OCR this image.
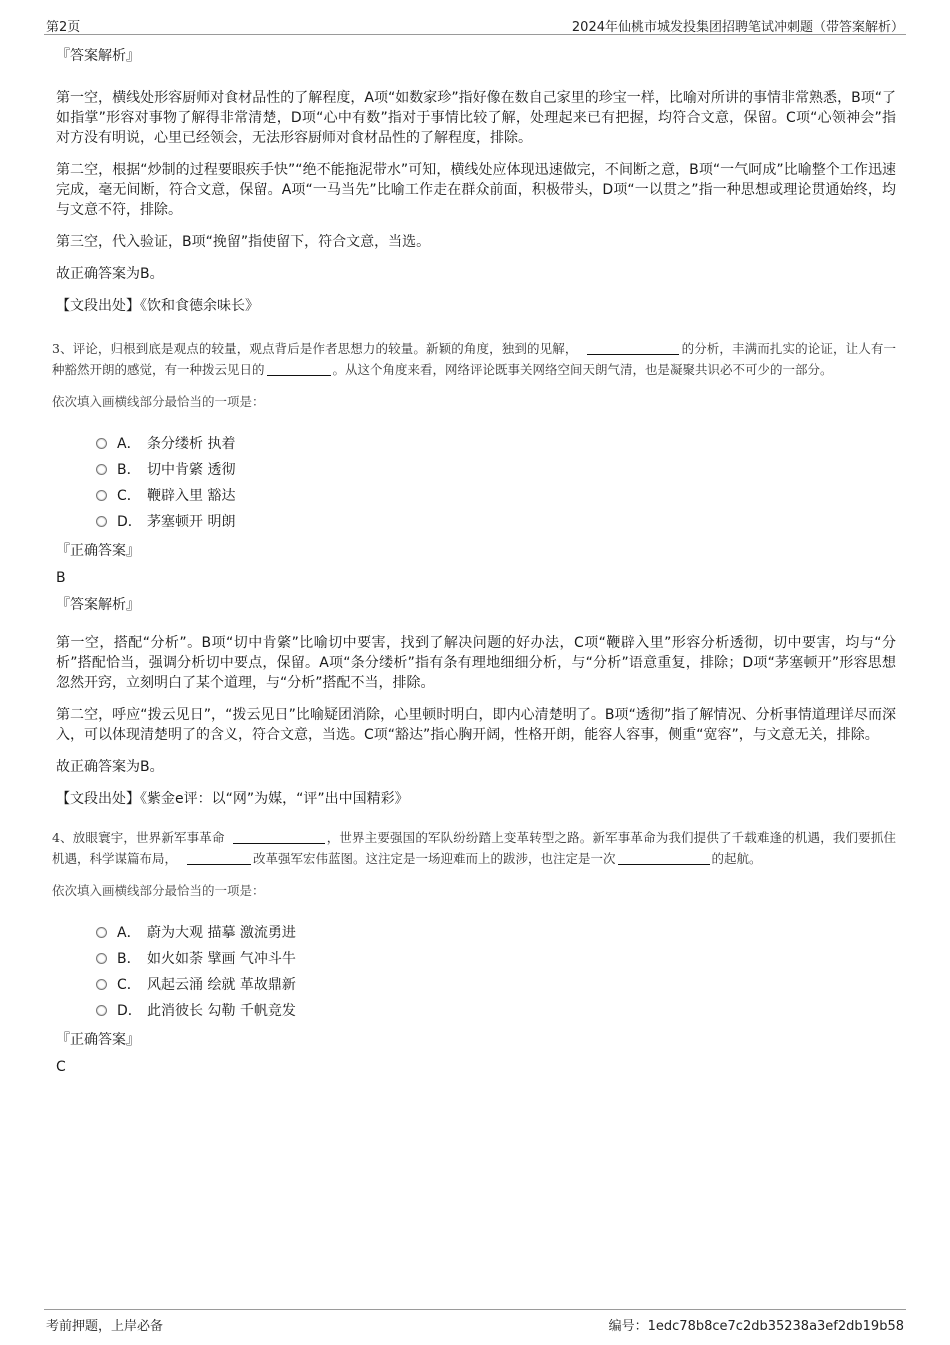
第2页	2024年仙桃市城发投集团招聘笔试冲刺题（带答案解析）

『答案解析』

第一空，横线处形容厨师对食材品性的了解程度，A项“如数家珍”指好像在数自己家里的珍宝一样，比喻对所讲的事情非常熟悉，B项“了如指掌”形容对事物了解得非常清楚，D项“心中有数”指对于事情比较了解，处理起来已有把握，均符合文意，保留。C项“心领神会”指对方没有明说，心里已经领会，无法形容厨师对食材品性的了解程度，排除。

第二空，根据“炒制的过程要眼疾手快”“绝不能拖泥带水”可知，横线处应体现迅速做完，不间断之意，B项“一气呵成”比喻整个工作迅速完成，毫无间断，符合文意，保留。A项“一马当先”比喻工作走在群众前面，积极带头，D项“一以贯之”指一种思想或理论贯通始终，均与文意不符，排除。

第三空，代入验证，B项“挽留”指使留下，符合文意，当选。

故正确答案为B。

【文段出处】《饮和食德余味长》

3、评论，归根到底是观点的较量，观点背后是作者思想力的较量。新颖的角度，独到的见解，	的分析，丰满而扎实的论证，让人有一种豁然开朗的感觉，有一种拨云见日的	。从这个角度来看，网络评论既事关网络空间天朗气清，也是凝聚共识必不可少的一部分。

依次填入画横线部分最恰当的一项是：

A． 条分缕析 执着
B． 切中肯綮 透彻
C． 鞭辟入里 豁达
D． 茅塞顿开 明朗

『正确答案』

B

『答案解析』

第一空，搭配“分析”。B项“切中肯綮”比喻切中要害，找到了解决问题的好办法，C项“鞭辟入里”形容分析透彻，切中要害，均与“分析”搭配恰当，强调分析切中要点，保留。A项“条分缕析”指有条有理地细细分析，与“分析”语意重复，排除；D项“茅塞顿开”形容思想忽然开窍，立刻明白了某个道理，与“分析”搭配不当，排除。

第二空，呼应“拨云见日”，“拨云见日”比喻疑团消除，心里顿时明白，即内心清楚明了。B项“透彻”指了解情况、分析事情道理详尽而深入，可以体现清楚明了的含义，符合文意，当选。C项“豁达”指心胸开阔，性格开朗，能容人容事，侧重“宽容”，与文意无关，排除。

故正确答案为B。

【文段出处】《紫金e评：以“网”为媒，“评”出中国精彩》

4、放眼寰宇，世界新军事革命	，世界主要强国的军队纷纷踏上变革转型之路。新军事革命为我们提供了千载难逢的机遇，我们要抓住机遇，科学谋篇布局，	改革强军宏伟蓝图。这注定是一场迎难而上的跋涉，也注定是一次	的起航。

依次填入画横线部分最恰当的一项是：

A． 蔚为大观 描摹 激流勇进
B． 如火如荼 擘画 气冲斗牛
C． 风起云涌 绘就 革故鼎新
D． 此消彼长 勾勒 千帆竞发

『正确答案』

C

考前押题，上岸必备	编号：1edc78b8ce7c2db35238a3ef2db19b58
